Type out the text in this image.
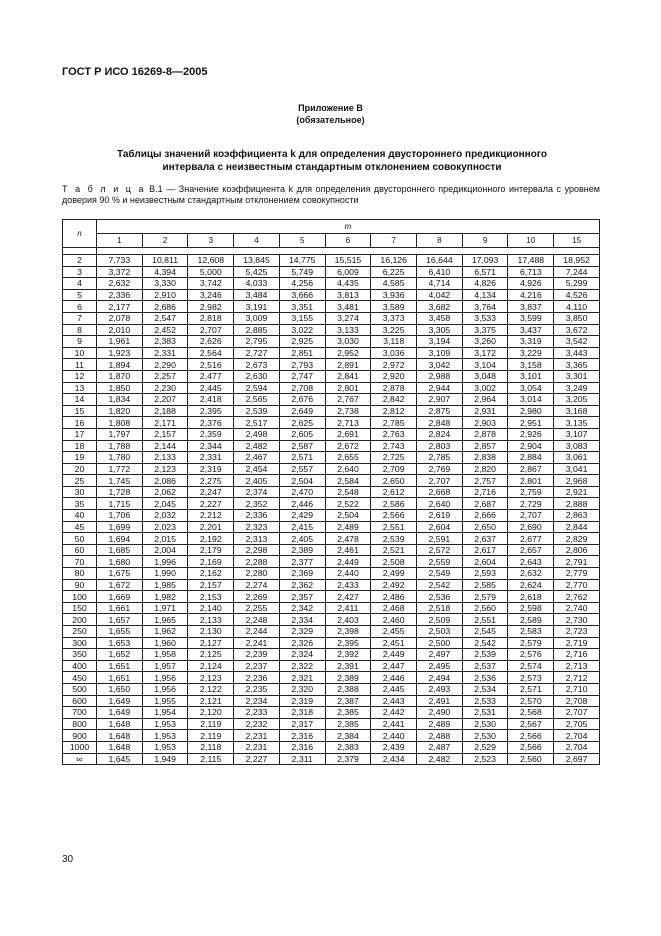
ГОСТ Р ИСО 16269-8—2005
Приложение В
(обязательное)
Таблицы значений коэффициента k для определения двустороннего предикционного
интервала с неизвестным стандартным отклонением совокупности
Т а б л и ц а В.1 — Значение коэффициента k для определения двустороннего предикционного интервала с уровнем доверия 90 % и неизвестным стандартным отклонением совокупности
n	m										
	1	2	3	4	5	6	7	8	9	10	15

2	7,733	10,811	12,608	13,845	14,775	15,515	16,126	16,644	17,093	17,488	18,952
3	3,372	4,394	5,000	5,425	5,749	6,009	6,225	6,410	6,571	6,713	7,244
4	2,632	3,330	3,742	4,033	4,256	4,435	4,585	4,714	4,826	4,926	5,299
5	2,336	2,910	3,246	3,484	3,666	3,813	3,936	4,042	4,134	4,216	4,526
6	2,177	2,686	2,982	3,191	3,351	3,481	3,589	3,682	3,764	3,837	4,110
7	2,078	2,547	2,818	3,009	3,155	3,274	3,373	3,458	3,533	3,599	3,850
8	2,010	2,452	2,707	2,885	3,022	3,133	3,225	3,305	3,375	3,437	3,672
9	1,961	2,383	2,626	2,795	2,925	3,030	3,118	3,194	3,260	3,319	3,542
10	1,923	2,331	2,564	2,727	2,851	2,952	3,036	3,109	3,172	3,229	3,443
11	1,894	2,290	2,516	2,673	2,793	2,891	2,972	3,042	3,104	3,158	3,365
12	1,870	2,257	2,477	2,630	2,747	2,841	2,920	2,988	3,048	3,101	3,301
13	1,850	2,230	2,445	2,594	2,708	2,801	2,878	2,944	3,002	3,054	3,249
14	1,834	2,207	2,418	2,565	2,676	2,767	2,842	2,907	2,964	3,014	3,205
15	1,820	2,188	2,395	2,539	2,649	2,738	2,812	2,875	2,931	2,980	3,168
16	1,808	2,171	2,376	2,517	2,625	2,713	2,785	2,848	2,903	2,951	3,135
17	1,797	2,157	2,359	2,498	2,605	2,691	2,763	2,824	2,878	2,926	3,107
18	1,788	2,144	2,344	2,482	2,587	2,672	2,743	2,803	2,857	2,904	3,083
19	1,780	2,133	2,331	2,467	2,571	2,655	2,725	2,785	2,838	2,884	3,061
20	1,772	2,123	2,319	2,454	2,557	2,640	2,709	2,769	2,820	2,867	3,041
25	1,745	2,086	2,275	2,405	2,504	2,584	2,650	2,707	2,757	2,801	2,968
30	1,728	2,062	2,247	2,374	2,470	2,548	2,612	2,668	2,716	2,759	2,921
35	1,715	2,045	2,227	2,352	2,446	2,522	2,586	2,640	2,687	2,729	2,888
40	1,706	2,032	2,212	2,336	2,429	2,504	2,566	2,619	2,666	2,707	2,863
45	1,699	2,023	2,201	2,323	2,415	2,489	2,551	2,604	2,650	2,690	2,844
50	1,694	2,015	2,192	2,313	2,405	2,478	2,539	2,591	2,637	2,677	2,829
60	1,685	2,004	2,179	2,298	2,389	2,461	2,521	2,572	2,617	2,657	2,806
70	1,680	1,996	2,169	2,288	2,377	2,449	2,508	2,559	2,604	2,643	2,791
80	1,675	1,990	2,162	2,280	2,369	2,440	2,499	2,549	2,593	2,632	2,779
90	1,672	1,985	2,157	2,274	2,362	2,433	2,492	2,542	2,585	2,624	2,770
100	1,669	1,982	2,153	2,269	2,357	2,427	2,486	2,536	2,579	2,618	2,762
150	1,661	1,971	2,140	2,255	2,342	2,411	2,468	2,518	2,560	2,598	2,740
200	1,657	1,965	2,133	2,248	2,334	2,403	2,460	2,509	2,551	2,589	2,730
250	1,655	1,962	2,130	2,244	2,329	2,398	2,455	2,503	2,545	2,583	2,723
300	1,653	1,960	2,127	2,241	2,326	2,395	2,451	2,500	2,542	2,579	2,719
350	1,652	1,958	2,125	2,239	2,324	2,392	2,449	2,497	2,539	2,576	2,716
400	1,651	1,957	2,124	2,237	2,322	2,391	2,447	2,495	2,537	2,574	2,713
450	1,651	1,956	2,123	2,236	2,321	2,389	2,446	2,494	2,536	2,573	2,712
500	1,650	1,956	2,122	2,235	2,320	2,388	2,445	2,493	2,534	2,571	2,710
600	1,649	1,955	2,121	2,234	2,319	2,387	2,443	2,491	2,533	2,570	2,708
700	1,649	1,954	2,120	2,233	2,318	2,385	2,442	2,490	2,531	2,568	2,707
800	1,648	1,953	2,119	2,232	2,317	2,385	2,441	2,489	2,530	2,567	2,705
900	1,648	1,953	2,119	2,231	2,316	2,384	2,440	2,488	2,530	2,566	2,704
1000	1,648	1,953	2,118	2,231	2,316	2,383	2,439	2,487	2,529	2,566	2,704
∞	1,645	1,949	2,115	2,227	2,311	2,379	2,434	2,482	2,523	2,560	2,697
30
